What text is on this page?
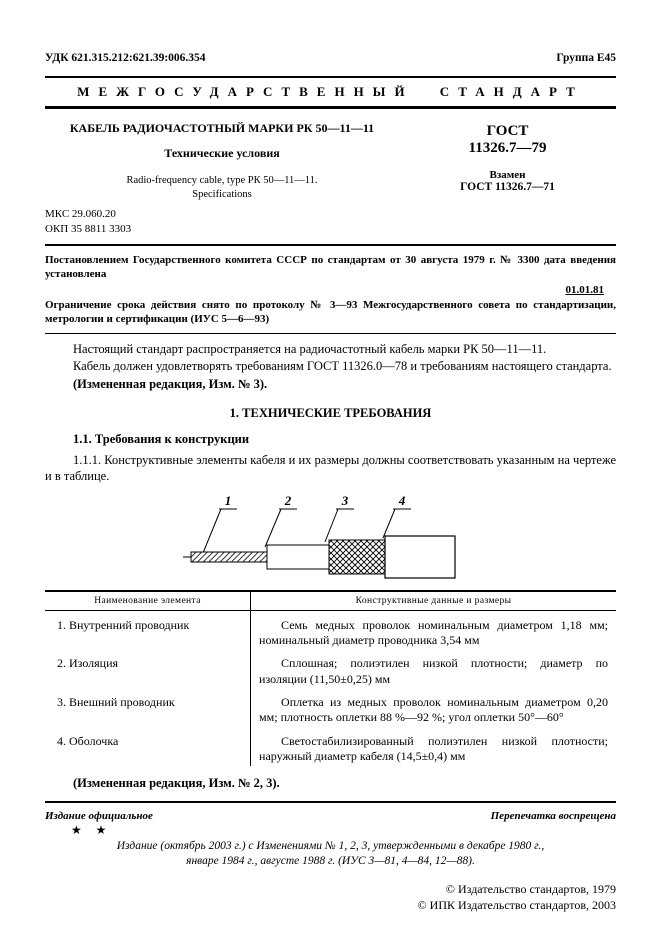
УДК 621.315.212:621.39:006.354	Группа Е45
МЕЖГОСУДАРСТВЕННЫЙ СТАНДАРТ
КАБЕЛЬ РАДИОЧАСТОТНЫЙ МАРКИ РК 50—11—11
Технические условия
Radio-frequency cable, type РК 50—11—11.
Specifications
ГОСТ
11326.7—79
Взамен
ГОСТ 11326.7—71
МКС 29.060.20
ОКП 35 8811 3303
Постановлением Государственного комитета СССР по стандартам от 30 августа 1979 г. № 3300 дата введения установлена
01.01.81
Ограничение срока действия снято по протоколу № 3—93 Межгосударственного совета по стандартизации, метрологии и сертификации (ИУС 5—6—93)
Настоящий стандарт распространяется на радиочастотный кабель марки РК 50—11—11.
Кабель должен удовлетворять требованиям ГОСТ 11326.0—78 и требованиям настоящего стандарта.
(Измененная редакция, Изм. № 3).
1. ТЕХНИЧЕСКИЕ ТРЕБОВАНИЯ
1.1. Требования к конструкции
1.1.1. Конструктивные элементы кабеля и их размеры должны соответствовать указанным на чертеже и в таблице.
1	2	3	4
Наименование элемента	Конструктивные данные и размеры
1. Внутренний проводник	Семь медных проволок номинальным диаметром 1,18 мм; номинальный диаметр проводника 3,54 мм
2. Изоляция	Сплошная; полиэтилен низкой плотности; диаметр по изоляции (11,50±0,25) мм
3. Внешний проводник	Оплетка из медных проволок номинальным диаметром 0,20 мм; плотность оплетки 88 %—92 %; угол оплетки 50°—60°
4. Оболочка	Светостабилизированный полиэтилен низкой плотности; наружный диаметр кабеля (14,5±0,4) мм
(Измененная редакция, Изм. № 2, 3).
Издание официальное	Перепечатка воспрещена
★ ★
Издание (октябрь 2003 г.) с Изменениями № 1, 2, 3, утвержденными в декабре 1980 г., январе 1984 г., августе 1988 г. (ИУС 3—81, 4—84, 12—88).
© Издательство стандартов, 1979
© ИПК Издательство стандартов, 2003
